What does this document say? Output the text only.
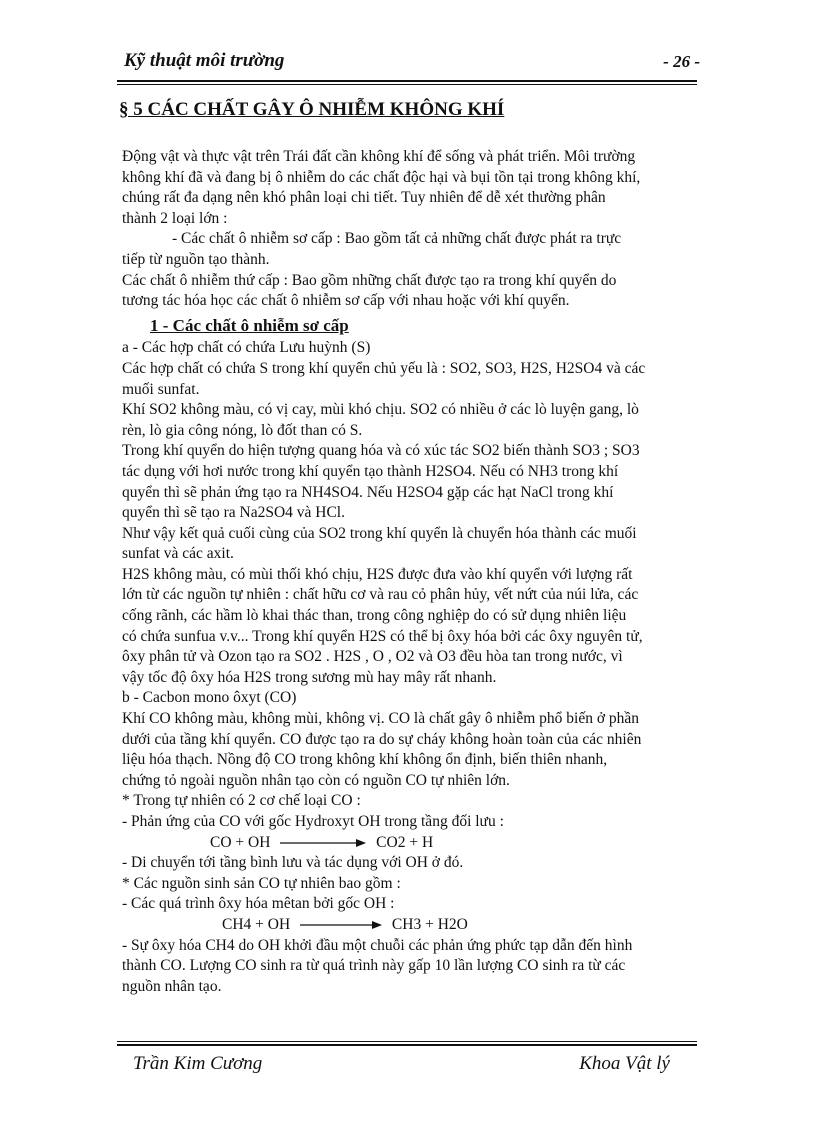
Kỹ thuật môi trường	- 26 -
§ 5 CÁC CHẤT GÂY Ô NHIỄM KHÔNG KHÍ

Động vật và thực vật trên Trái đất cần không khí để sống và phát triển. Môi trường

không khí đã và đang bị ô nhiễm do các chất độc hại và bụi tồn tại trong không khí,

chúng rất đa dạng nên khó phân loại chi tiết. Tuy nhiên để dễ xét thường phân

thành 2 loại lớn :

- Các chất ô nhiễm sơ cấp : Bao gồm tất cả những chất được phát ra trực

tiếp từ nguồn tạo thành.

Các chất ô nhiễm thứ cấp : Bao gồm những chất được tạo ra trong khí quyển do

tương tác hóa học các chất ô nhiễm sơ cấp với nhau hoặc với khí quyển.

1 - Các chất ô nhiễm sơ cấp

a - Các hợp chất có chứa Lưu huỳnh (S)

Các hợp chất có chứa S trong khí quyển chủ yếu là : SO2, SO3, H2S, H2SO4 và các

muối sunfat.

Khí SO2 không màu, có vị cay, mùi khó chịu. SO2 có nhiều ở các lò luyện gang, lò

rèn, lò gia công nóng, lò đốt than có S.

Trong khí quyển do hiện tượng quang hóa và có xúc tác SO2 biến thành SO3 ; SO3

tác dụng với hơi nước trong khí quyển tạo thành H2SO4. Nếu có NH3 trong khí

quyển thì sẽ phản ứng tạo ra NH4SO4. Nếu H2SO4 gặp các hạt NaCl trong khí

quyển thì sẽ tạo ra Na2SO4 và HCl.

Như vậy kết quả cuối cùng của SO2 trong khí quyển là chuyển hóa thành các muối

sunfat và các axit.

H2S không màu, có mùi thối khó chịu, H2S được đưa vào khí quyển với lượng rất

lớn từ các nguồn tự nhiên : chất hữu cơ và rau cỏ phân hủy, vết nứt của núi lửa, các

cống rãnh, các hầm lò khai thác than, trong công nghiệp do có sử dụng nhiên liệu

có chứa sunfua v.v... Trong khí quyển H2S có thể bị ôxy hóa bởi các ôxy nguyên tử,

ôxy phân tử và Ozon tạo ra SO2 . H2S , O , O2 và O3 đều hòa tan trong nước, vì

vậy tốc độ ôxy hóa H2S trong sương mù hay mây rất nhanh.

b - Cacbon mono ôxyt (CO)

Khí CO không màu, không mùi, không vị. CO là chất gây ô nhiễm phổ biến ở phần

dưới của tầng khí quyển. CO được tạo ra do sự cháy không hoàn toàn của các nhiên

liệu hóa thạch. Nồng độ CO trong không khí không ổn định, biến thiên nhanh,

chứng tỏ ngoài nguồn nhân tạo còn có nguồn CO tự nhiên lớn.

* Trong tự nhiên có 2 cơ chế loại CO :

- Phản ứng của CO với gốc Hydroxyt OH trong tầng đối lưu :

CO + OH	CO2 + H

- Di chuyển tới tầng bình lưu và tác dụng với OH ở đó.

* Các nguồn sinh sản CO tự nhiên bao gồm :

- Các quá trình ôxy hóa mêtan bởi gốc OH :

CH4 + OH	CH3 + H2O

- Sự ôxy hóa CH4 do OH khởi đầu một chuỗi các phản ứng phức tạp dẫn đến hình

thành CO. Lượng CO sinh ra từ quá trình này gấp 10 lần lượng CO sinh ra từ các

nguồn nhân tạo.

Trần Kim Cương	Khoa Vật lý
